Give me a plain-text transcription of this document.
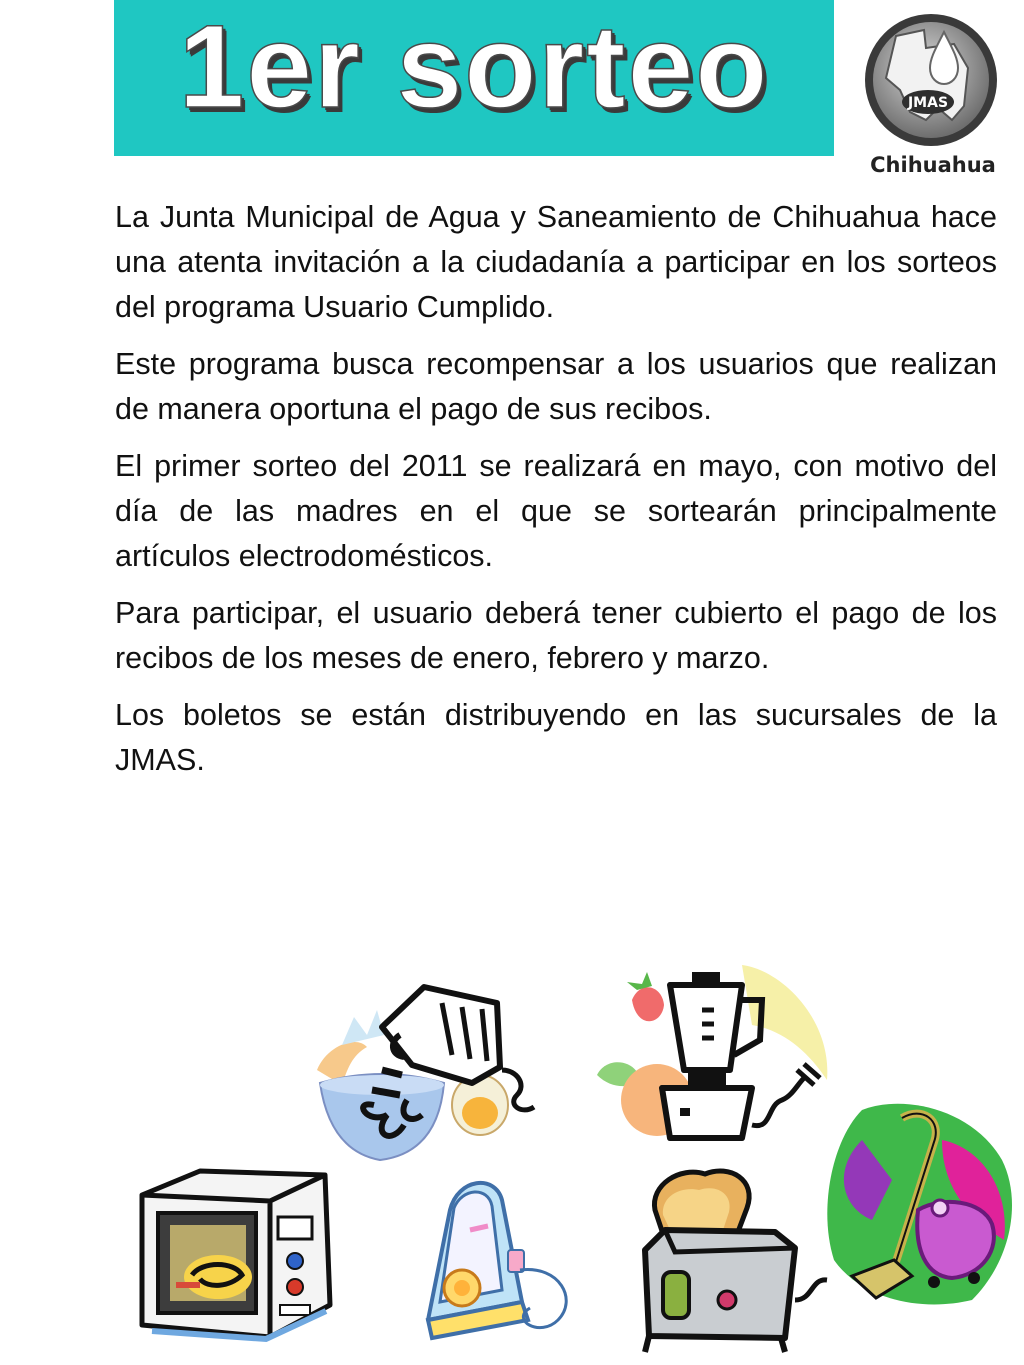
1er sorteo	JMAS
Chihuahua

La Junta Municipal de Agua y Saneamiento de Chihuahua hace una atenta invitación a la ciudadanía a participar en los sorteos del programa Usuario Cumplido.

Este programa busca recompensar a los usuarios que realizan de manera oportuna el pago de sus recibos.

El primer sorteo del 2011 se realizará en mayo, con motivo del día de las madres en el que se sortearán principalmente artículos electrodomésticos.

Para participar, el usuario deberá tener cubierto el pago de los recibos de los meses de enero, febrero y marzo.

Los boletos se están distribuyendo en las sucursales de la JMAS.
